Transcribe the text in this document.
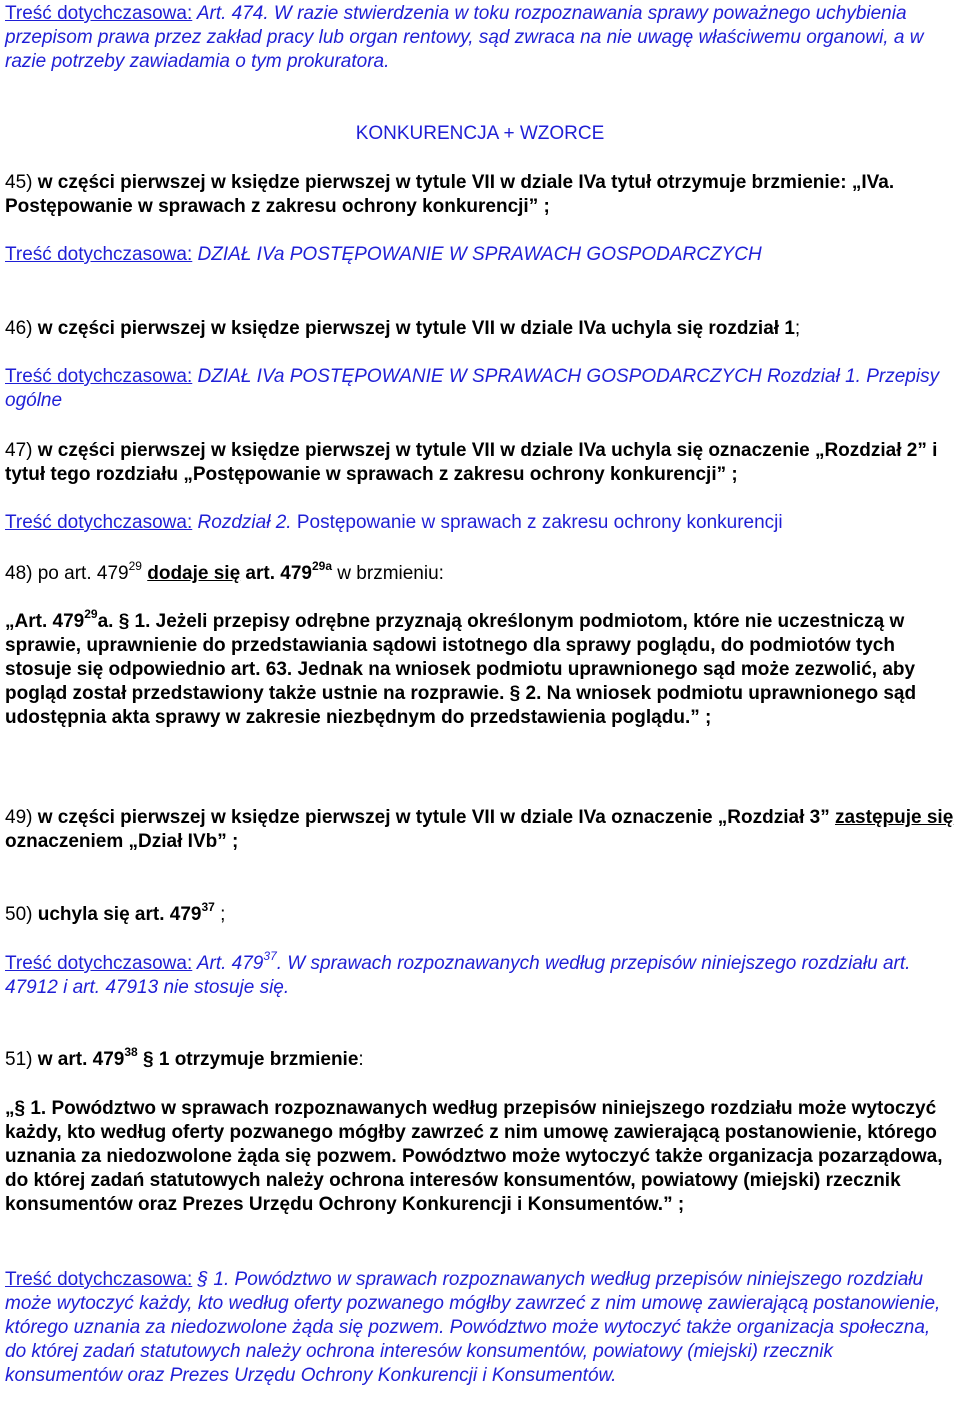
Treść dotychczasowa: Art. 474. W razie stwierdzenia w toku rozpoznawania sprawy poważnego uchybienia przepisom prawa przez zakład pracy lub organ rentowy, sąd zwraca na nie uwagę właściwemu organowi, a w razie potrzeby zawiadamia o tym prokuratora.

KONKURENCJA + WZORCE

45) w części pierwszej w księdze pierwszej w tytule VII w dziale IVa tytuł otrzymuje brzmienie: „IVa. Postępowanie w sprawach z zakresu ochrony konkurencji” ;

Treść dotychczasowa: DZIAŁ IVa POSTĘPOWANIE W SPRAWACH GOSPODARCZYCH

46) w części pierwszej w księdze pierwszej w tytule VII w dziale IVa uchyla się rozdział 1;

Treść dotychczasowa: DZIAŁ IVa POSTĘPOWANIE W SPRAWACH GOSPODARCZYCH Rozdział 1. Przepisy ogólne

47) w części pierwszej w księdze pierwszej w tytule VII w dziale IVa uchyla się oznaczenie „Rozdział 2” i tytuł tego rozdziału „Postępowanie w sprawach z zakresu ochrony konkurencji” ;

Treść dotychczasowa: Rozdział 2. Postępowanie w sprawach z zakresu ochrony konkurencji

48) po art. $479^{29}$ dodaje się art. $479^{29a}$ w brzmieniu:

„Art. $479^{29}a$. § 1. Jeżeli przepisy odrębne przyznają określonym podmiotom, które nie uczestniczą w sprawie, uprawnienie do przedstawiania sądowi istotnego dla sprawy poglądu, do podmiotów tych stosuje się odpowiednio art. 63. Jednak na wniosek podmiotu uprawnionego sąd może zezwolić, aby pogląd został przedstawiony także ustnie na rozprawie. § 2. Na wniosek podmiotu uprawnionego sąd udostępnia akta sprawy w zakresie niezbędnym do przedstawienia poglądu.” ;

49) w części pierwszej w księdze pierwszej w tytule VII w dziale IVa oznaczenie „Rozdział 3” zastępuje się oznaczeniem „Dział IVb” ;

50) uchyla się art. $479^{37}$ ;

Treść dotychczasowa: Art. $479^{37}$. W sprawach rozpoznawanych według przepisów niniejszego rozdziału art. 47912 i art. 47913 nie stosuje się.

51) w art. $479^{38}$ § 1 otrzymuje brzmienie:

„§ 1. Powództwo w sprawach rozpoznawanych według przepisów niniejszego rozdziału może wytoczyć każdy, kto według oferty pozwanego mógłby zawrzeć z nim umowę zawierającą postanowienie, którego uznania za niedozwolone żąda się pozwem. Powództwo może wytoczyć także organizacja pozarządowa, do której zadań statutowych należy ochrona interesów konsumentów, powiatowy (miejski) rzecznik konsumentów oraz Prezes Urzędu Ochrony Konkurencji i Konsumentów.” ;

Treść dotychczasowa: § 1. Powództwo w sprawach rozpoznawanych według przepisów niniejszego rozdziału może wytoczyć każdy, kto według oferty pozwanego mógłby zawrzeć z nim umowę zawierającą postanowienie, którego uznania za niedozwolone żąda się pozwem. Powództwo może wytoczyć także organizacja społeczna, do której zadań statutowych należy ochrona interesów konsumentów, powiatowy (miejski) rzecznik konsumentów oraz Prezes Urzędu Ochrony Konkurencji i Konsumentów.
